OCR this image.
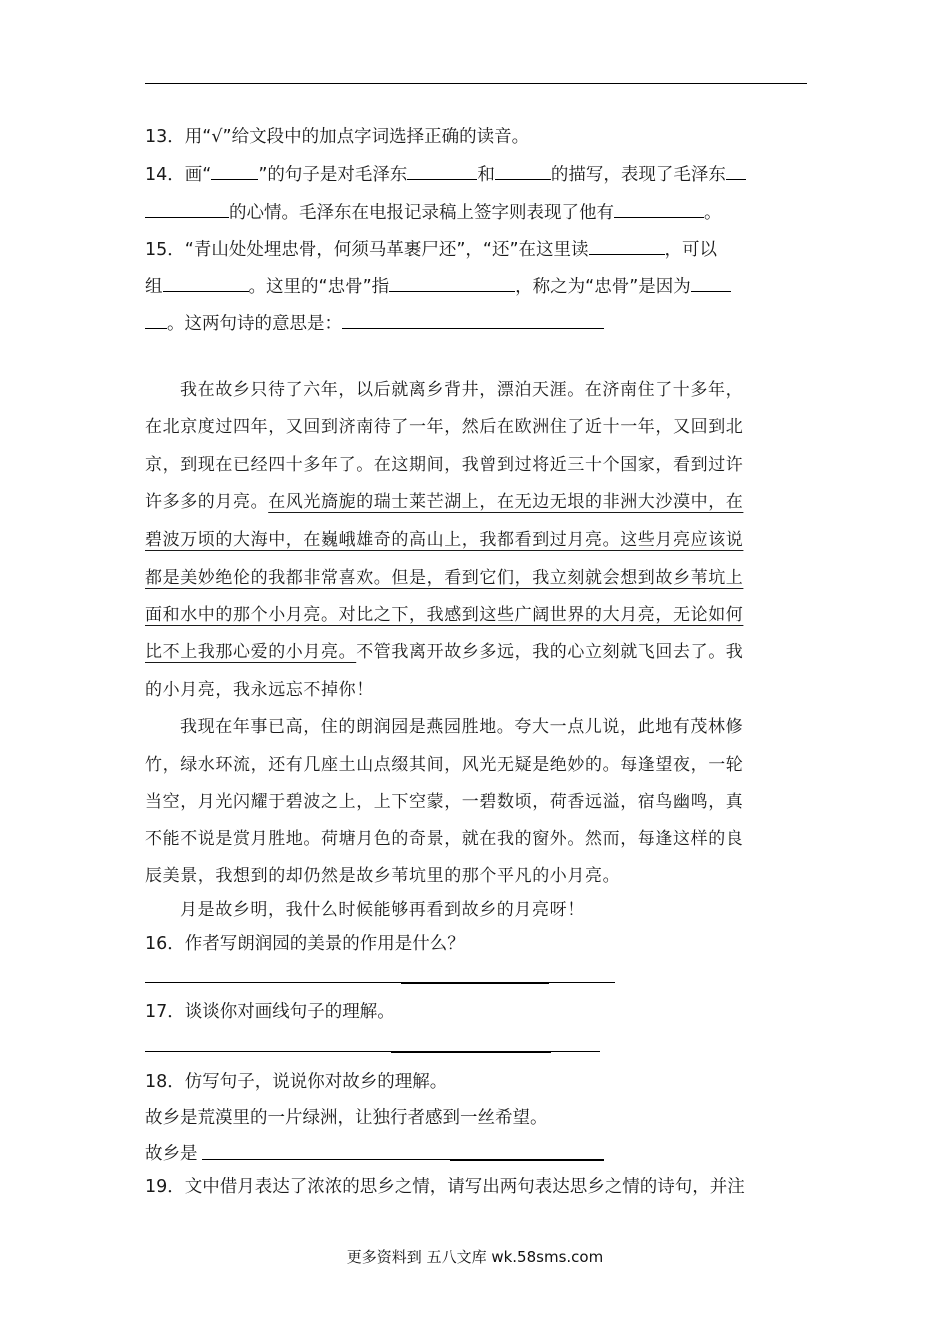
13．用“√”给文段中的加点字词选择正确的读音。
14．画“	”的句子是对毛泽东	和	的描写，表现了毛泽东
的心情。毛泽东在电报记录稿上签字则表现了他有	。
15．“青山处处埋忠骨，何须马革裹尸还”，“还”在这里读	，可以
组	。这里的“忠骨”指	，称之为“忠骨”是因为
。这两句诗的意思是：
我在故乡只待了六年，以后就离乡背井，漂泊天涯。在济南住了十多年，
在北京度过四年，又回到济南待了一年，然后在欧洲住了近十一年，又回到北
京，到现在已经四十多年了。在这期间，我曾到过将近三十个国家，看到过许
许多多的月亮。在风光旖旎的瑞士莱芒湖上，在无边无垠的非洲大沙漠中，在
碧波万顷的大海中，在巍峨雄奇的高山上，我都看到过月亮。这些月亮应该说
都是美妙绝伦的我都非常喜欢。但是，看到它们，我立刻就会想到故乡苇坑上
面和水中的那个小月亮。对比之下，我感到这些广阔世界的大月亮，无论如何
比不上我那心爱的小月亮。不管我离开故乡多远，我的心立刻就飞回去了。我
的小月亮，我永远忘不掉你！
我现在年事已高，住的朗润园是燕园胜地。夸大一点儿说，此地有茂林修
竹，绿水环流，还有几座土山点缀其间，风光无疑是绝妙的。每逢望夜，一轮
当空，月光闪耀于碧波之上，上下空蒙，一碧数顷，荷香远溢，宿鸟幽鸣，真
不能不说是赏月胜地。荷塘月色的奇景，就在我的窗外。然而，每逢这样的良
辰美景，我想到的却仍然是故乡苇坑里的那个平凡的小月亮。
月是故乡明，我什么时候能够再看到故乡的月亮呀！
16．作者写朗润园的美景的作用是什么？
17．谈谈你对画线句子的理解。
18．仿写句子，说说你对故乡的理解。
故乡是荒漠里的一片绿洲，让独行者感到一丝希望。
故乡是
19．文中借月表达了浓浓的思乡之情，请写出两句表达思乡之情的诗句，并注
更多资料到 五八文库 wk.58sms.com
